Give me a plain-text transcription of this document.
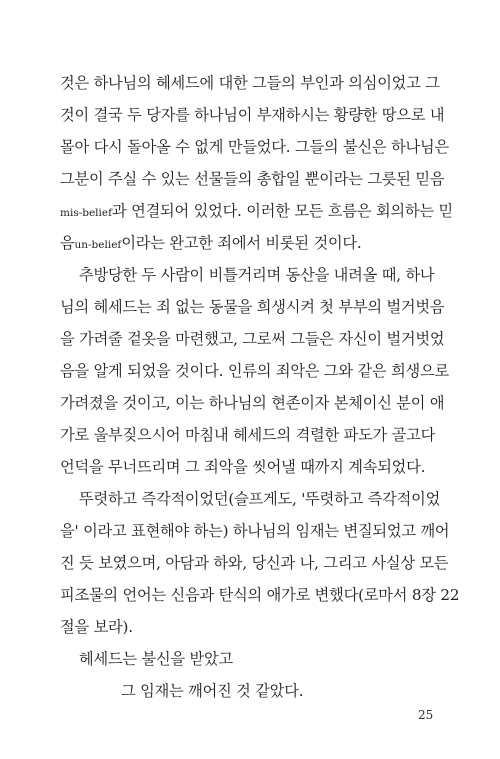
것은 하나님의 헤세드에 대한 그들의 부인과 의심이었고 그
것이 결국 두 당자를 하나님이 부재하시는 황량한 땅으로 내
몰아 다시 돌아올 수 없게 만들었다. 그들의 불신은 하나님은
그분이 주실 수 있는 선물들의 총합일 뿐이라는 그릇된 믿음
mis-belief과 연결되어 있었다. 이러한 모든 흐름은 회의하는 믿
음un-belief이라는 완고한 죄에서 비롯된 것이다.
추방당한 두 사람이 비틀거리며 동산을 내려올 때, 하나
님의 헤세드는 죄 없는 동물을 희생시켜 첫 부부의 벌거벗음
을 가려줄 겉옷을 마련했고, 그로써 그들은 자신이 벌거벗었
음을 알게 되었을 것이다. 인류의 죄악은 그와 같은 희생으로
가려졌을 것이고, 이는 하나님의 현존이자 본체이신 분이 애
가로 울부짖으시어 마침내 헤세드의 격렬한 파도가 골고다
언덕을 무너뜨리며 그 죄악을 씻어낼 때까지 계속되었다.
뚜렷하고 즉각적이었던(슬프게도, '뚜렷하고 즉각적이었
을' 이라고 표현해야 하는) 하나님의 임재는 변질되었고 깨어
진 듯 보였으며, 아담과 하와, 당신과 나, 그리고 사실상 모든
피조물의 언어는 신음과 탄식의 애가로 변했다(로마서 8장 22
절을 보라).
헤세드는 불신을 받았고
그 임재는 깨어진 것 같았다.
25
